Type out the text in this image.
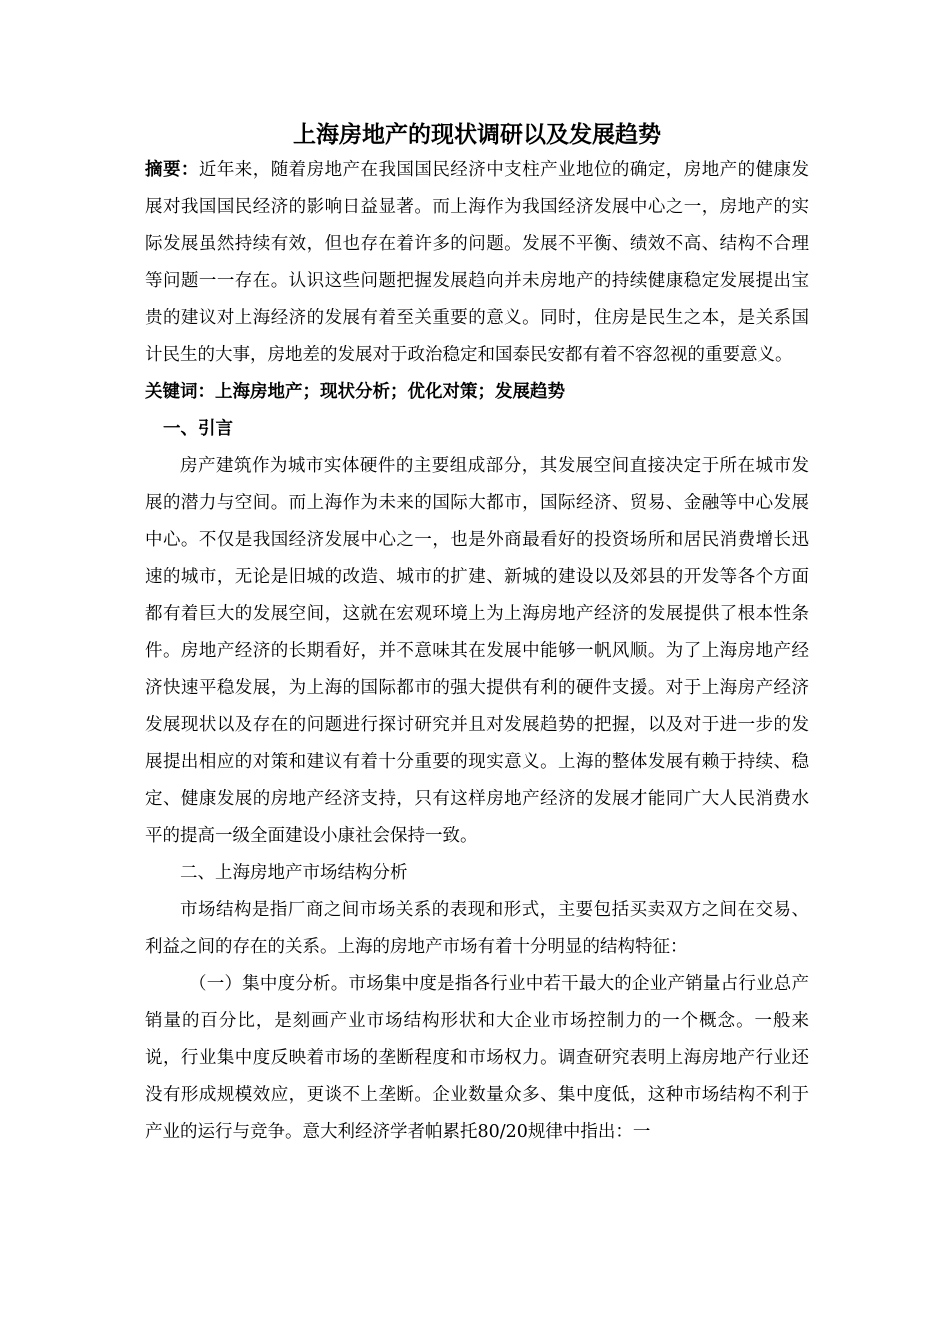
上海房地产的现状调研以及发展趋势

摘要：近年来，随着房地产在我国国民经济中支柱产业地位的确定，房地产的健康发展对我国国民经济的影响日益显著。而上海作为我国经济发展中心之一，房地产的实际发展虽然持续有效，但也存在着许多的问题。发展不平衡、绩效不高、结构不合理等问题一一存在。认识这些问题把握发展趋向并未房地产的持续健康稳定发展提出宝贵的建议对上海经济的发展有着至关重要的意义。同时，住房是民生之本，是关系国计民生的大事，房地差的发展对于政治稳定和国泰民安都有着不容忽视的重要意义。

关键词：上海房地产；现状分析；优化对策；发展趋势

一、引言

房产建筑作为城市实体硬件的主要组成部分，其发展空间直接决定于所在城市发展的潜力与空间。而上海作为未来的国际大都市，国际经济、贸易、金融等中心发展中心。不仅是我国经济发展中心之一，也是外商最看好的投资场所和居民消费增长迅速的城市，无论是旧城的改造、城市的扩建、新城的建设以及郊县的开发等各个方面都有着巨大的发展空间，这就在宏观环境上为上海房地产经济的发展提供了根本性条件。房地产经济的长期看好，并不意味其在发展中能够一帆风顺。为了上海房地产经济快速平稳发展，为上海的国际都市的强大提供有利的硬件支援。对于上海房产经济发展现状以及存在的问题进行探讨研究并且对发展趋势的把握，以及对于进一步的发展提出相应的对策和建议有着十分重要的现实意义。上海的整体发展有赖于持续、稳定、健康发展的房地产经济支持，只有这样房地产经济的发展才能同广大人民消费水平的提高一级全面建设小康社会保持一致。

二、上海房地产市场结构分析

市场结构是指厂商之间市场关系的表现和形式，主要包括买卖双方之间在交易、利益之间的存在的关系。上海的房地产市场有着十分明显的结构特征：

（一）集中度分析。市场集中度是指各行业中若干最大的企业产销量占行业总产销量的百分比，是刻画产业市场结构形状和大企业市场控制力的一个概念。一般来说，行业集中度反映着市场的垄断程度和市场权力。调查研究表明上海房地产行业还没有形成规模效应，更谈不上垄断。企业数量众多、集中度低，这种市场结构不利于产业的运行与竞争。意大利经济学者帕累托80/20规律中指出：一
